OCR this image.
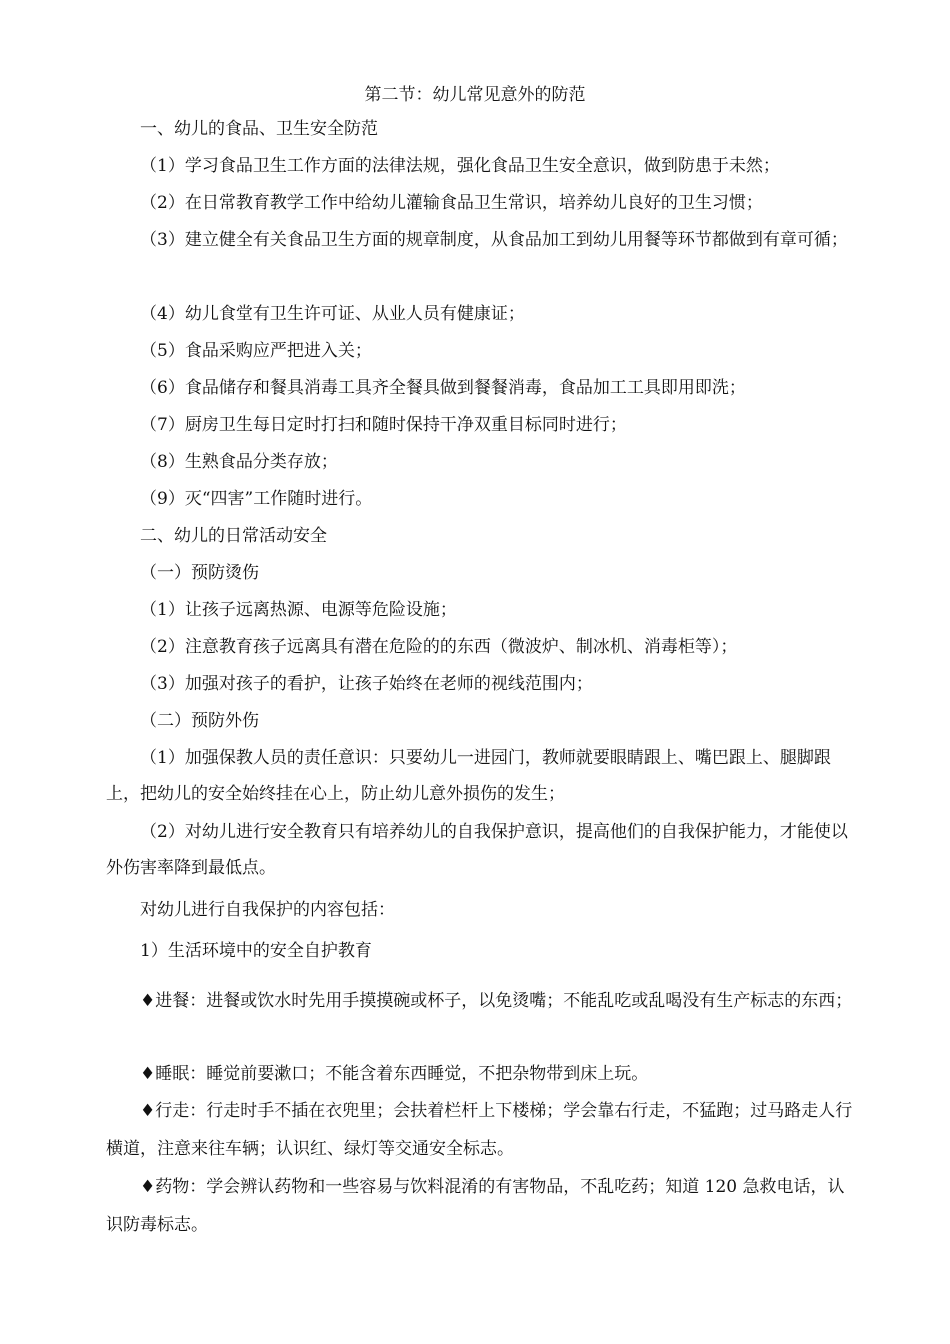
第二节：幼儿常见意外的防范
一、幼儿的食品、卫生安全防范
（1）学习食品卫生工作方面的法律法规，强化食品卫生安全意识，做到防患于未然；
（2）在日常教育教学工作中给幼儿灌输食品卫生常识，培养幼儿良好的卫生习惯；
（3）建立健全有关食品卫生方面的规章制度，从食品加工到幼儿用餐等环节都做到有章可循；
（4）幼儿食堂有卫生许可证、从业人员有健康证；
（5）食品采购应严把进入关；
（6）食品储存和餐具消毒工具齐全餐具做到餐餐消毒，食品加工工具即用即洗；
（7）厨房卫生每日定时打扫和随时保持干净双重目标同时进行；
（8）生熟食品分类存放；
（9）灭“四害”工作随时进行。
二、幼儿的日常活动安全
（一）预防烫伤
（1）让孩子远离热源、电源等危险设施；
（2）注意教育孩子远离具有潜在危险的的东西（微波炉、制冰机、消毒柜等）；
（3）加强对孩子的看护，让孩子始终在老师的视线范围内；
（二）预防外伤
（1）加强保教人员的责任意识：只要幼儿一进园门，教师就要眼睛跟上、嘴巴跟上、腿脚跟上，把幼儿的安全始终挂在心上，防止幼儿意外损伤的发生；
（2）对幼儿进行安全教育只有培养幼儿的自我保护意识，提高他们的自我保护能力，才能使以外伤害率降到最低点。
对幼儿进行自我保护的内容包括：
1）生活环境中的安全自护教育
♦进餐：进餐或饮水时先用手摸摸碗或杯子，以免烫嘴；不能乱吃或乱喝没有生产标志的东西；
♦睡眠：睡觉前要漱口；不能含着东西睡觉，不把杂物带到床上玩。
♦行走：行走时手不插在衣兜里；会扶着栏杆上下楼梯；学会靠右行走，不猛跑；过马路走人行横道，注意来往车辆；认识红、绿灯等交通安全标志。
♦药物：学会辨认药物和一些容易与饮料混淆的有害物品，不乱吃药；知道 120 急救电话，认识防毒标志。
